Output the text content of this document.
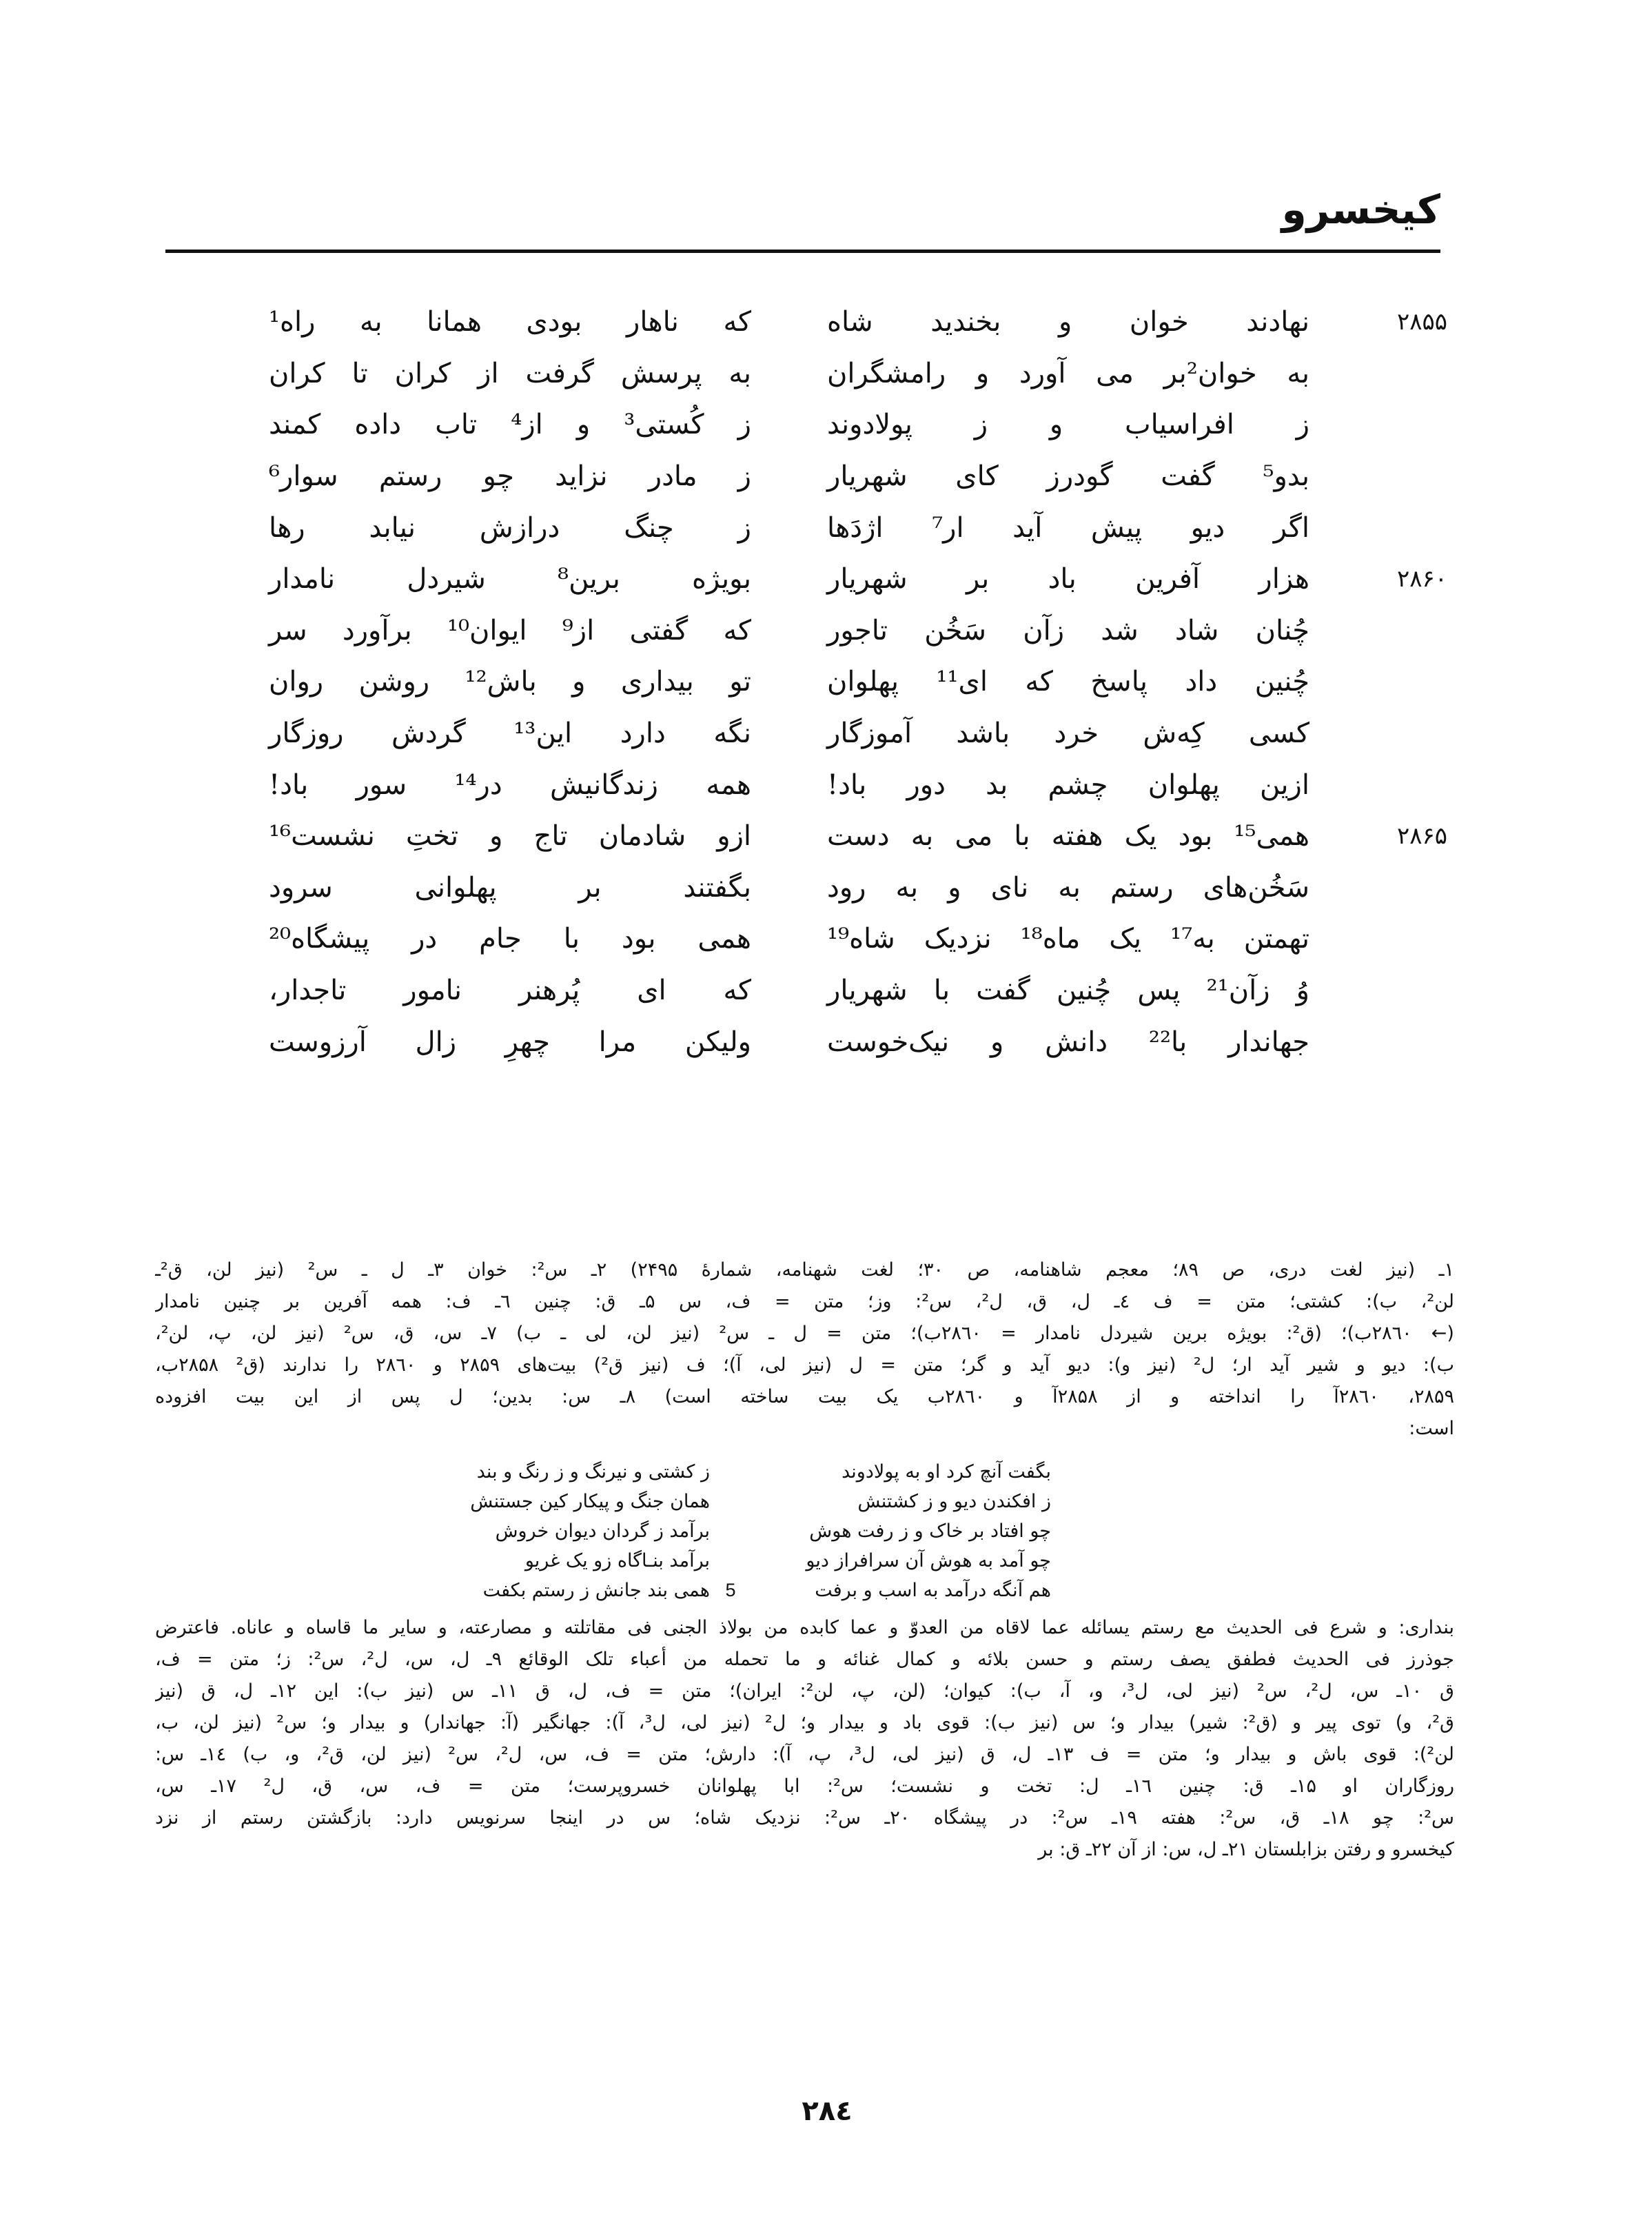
کیخسرو
۲۸۵۵
نهادند خوان و بخندید شاه
که ناهار بودی همانا به راه¹
به خوان²بر می آورد و رامشگران
به پرسش گرفت از کران تا کران
ز افراسیاب و ز پولادوند
ز کُستی³ و از⁴ تاب داده کمند
بدو⁵ گفت گودرز کای شهریار
ز مادر نزاید چو رستم سوار⁶
اگر دیو پیش آید ار⁷ اژدَها
ز چنگ درازش نیابد رها
۲۸۶۰
هزار آفرین باد بر شهریار
بویژه برین⁸ شیردل نامدار
چُنان شاد شد زآن سَخُن تاجور
که گفتی از⁹ ایوان¹⁰ برآورد سر
چُنین داد پاسخ که ای¹¹ پهلوان
تو بیداری و باش¹² روشن روان
کسی کِه‌ش خرد باشد آموزگار
نگه دارد این¹³ گردش روزگار
ازین پهلوان چشم بد دور باد!
همه زندگانیش در¹⁴ سور باد!
۲۸۶۵
همی¹⁵ بود یک هفته با می به دست
ازو شادمان تاج و تختِ نشست¹⁶
سَخُن‌های رستم به نای و به رود
بگفتند بر پهلوانی سرود
تهمتن به¹⁷ یک ماه¹⁸ نزدیک شاه¹⁹
همی بود با جام در پیشگاه²⁰
وُ زآن²¹ پس چُنین گفت با شهریار
که ای پُرهنر نامور تاجدار،
جهاندار با²² دانش و نیک‌خوست
ولیکن مرا چهرِ زال آرزوست
۱ـ (نیز لغت دری، ص ۸۹؛ معجم شاهنامه، ص ۳۰؛ لغت شهنامه، شمارهٔ ۲۴۹۵) ۲ـ س²: خوان ۳ـ ل ـ س² (نیز لن، ق²ـ
لن²، ب): کشتی؛ متن = ف ٤ـ ل، ق، ل²، س²: وز؛ متن = ف، س ۵ـ ق: چنین ٦ـ ف: همه آفرین بر چنین نامدار
(← ۲۸٦۰ب)؛ (ق²: بویژه برین شیردل نامدار = ۲۸٦۰ب)؛ متن = ل ـ س² (نیز لن، لی ـ ب) ۷ـ س، ق، س² (نیز لن، پ، لن²،
ب): دیو و شیر آید ار؛ ل² (نیز و): دیو آید و گر؛ متن = ل (نیز لی، آ)؛ ف (نیز ق²) بیت‌های ۲۸۵۹ و ۲۸٦۰ را ندارند (ق² ۲۸۵۸ب،
۲۸۵۹، ۲۸٦۰آ را انداخته و از ۲۸۵۸آ و ۲۸٦۰ب یک بیت ساخته است) ۸ـ س: بدین؛ ل پس از این بیت افزوده
است:
بگفت آنچ کرد او به پولادوند
ز کشتی و نیرنگ و ز رنگ و بند
ز افکندن دیو و ز کشتنش
همان جنگ و پیکار کین جستنش
چو افتاد بر خاک و ز رفت هوش
برآمد ز گردان دیوان خروش
چو آمد به هوش آن سرافراز دیو
برآمد بنـاگاه زو یک غریو
5	هم آنگه درآمد به اسب و برفت
همی بند جانش ز رستم بکفت
بنداری: و شرع فی الحدیث مع رستم یسائله عما لاقاه من العدوّ و عما کابده من بولاذ الجنی فی مقاتلته و مصارعته، و سایر ما قاساه و عاناه. فاعترض
جوذرز فی الحدیث فطفق یصف رستم و حسن بلائه و کمال غنائه و ما تحمله من أعباء تلک الوقائع ۹ـ ل، س، ل²، س²: ز؛ متن = ف،
ق ۱۰ـ س، ل²، س² (نیز لی، ل³، و، آ، ب): کیوان؛ (لن، پ، لن²: ایران)؛ متن = ف، ل، ق ۱۱ـ س (نیز ب): این ۱۲ـ ل، ق (نیز
ق²، و) توی پیر و (ق²: شیر) بیدار و؛ س (نیز ب): قوی باد و بیدار و؛ ل² (نیز لی، ل³، آ): جهانگیر (آ: جهاندار) و بیدار و؛ س² (نیز لن، ب،
لن²): قوی باش و بیدار و؛ متن = ف ۱۳ـ ل، ق (نیز لی، ل³، پ، آ): دارش؛ متن = ف، س، ل²، س² (نیز لن، ق²، و، ب) ۱٤ـ س:
روزگاران او ۱۵ـ ق: چنین ۱٦ـ ل: تخت و نشست؛ س²: ابا پهلوانان خسروپرست؛ متن = ف، س، ق، ل² ۱۷ـ س،
س²: چو ۱۸ـ ق، س²: هفته ۱۹ـ س²: در پیشگاه ۲۰ـ س²: نزدیک شاه؛ س در اینجا سرنویس دارد: بازگشتن رستم از نزد
کیخسرو و رفتن بزابلستان ۲۱ـ ل، س: از آن ۲۲ـ ق: بر
۲۸٤
